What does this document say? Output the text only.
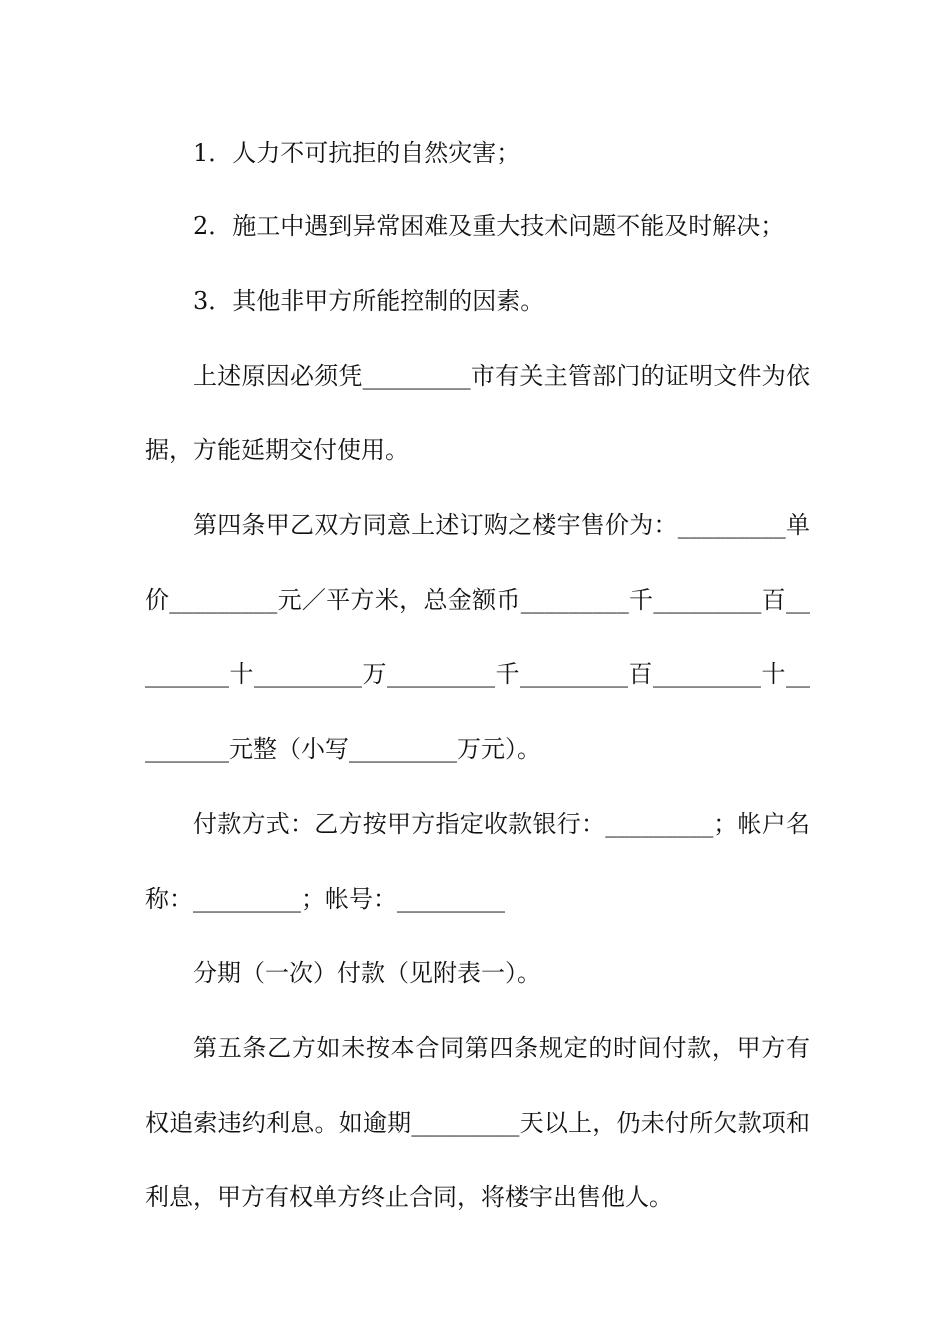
1．人力不可抗拒的自然灾害；
2．施工中遇到异常困难及重大技术问题不能及时解决；
3．其他非甲方所能控制的因素。
上述原因必须凭_________市有关主管部门的证明文件为依
据，方能延期交付使用。
第四条甲乙双方同意上述订购之楼宇售价为：_________单
价_________元／平方米，总金额币_________千_________百__
_______十_________万_________千_________百_________十__
_______元整（小写_________万元）。
付款方式：乙方按甲方指定收款银行：_________；帐户名
称：_________；帐号：_________
分期（一次）付款（见附表一）。
第五条乙方如未按本合同第四条规定的时间付款，甲方有
权追索违约利息。如逾期_________天以上，仍未付所欠款项和
利息，甲方有权单方终止合同，将楼宇出售他人。
